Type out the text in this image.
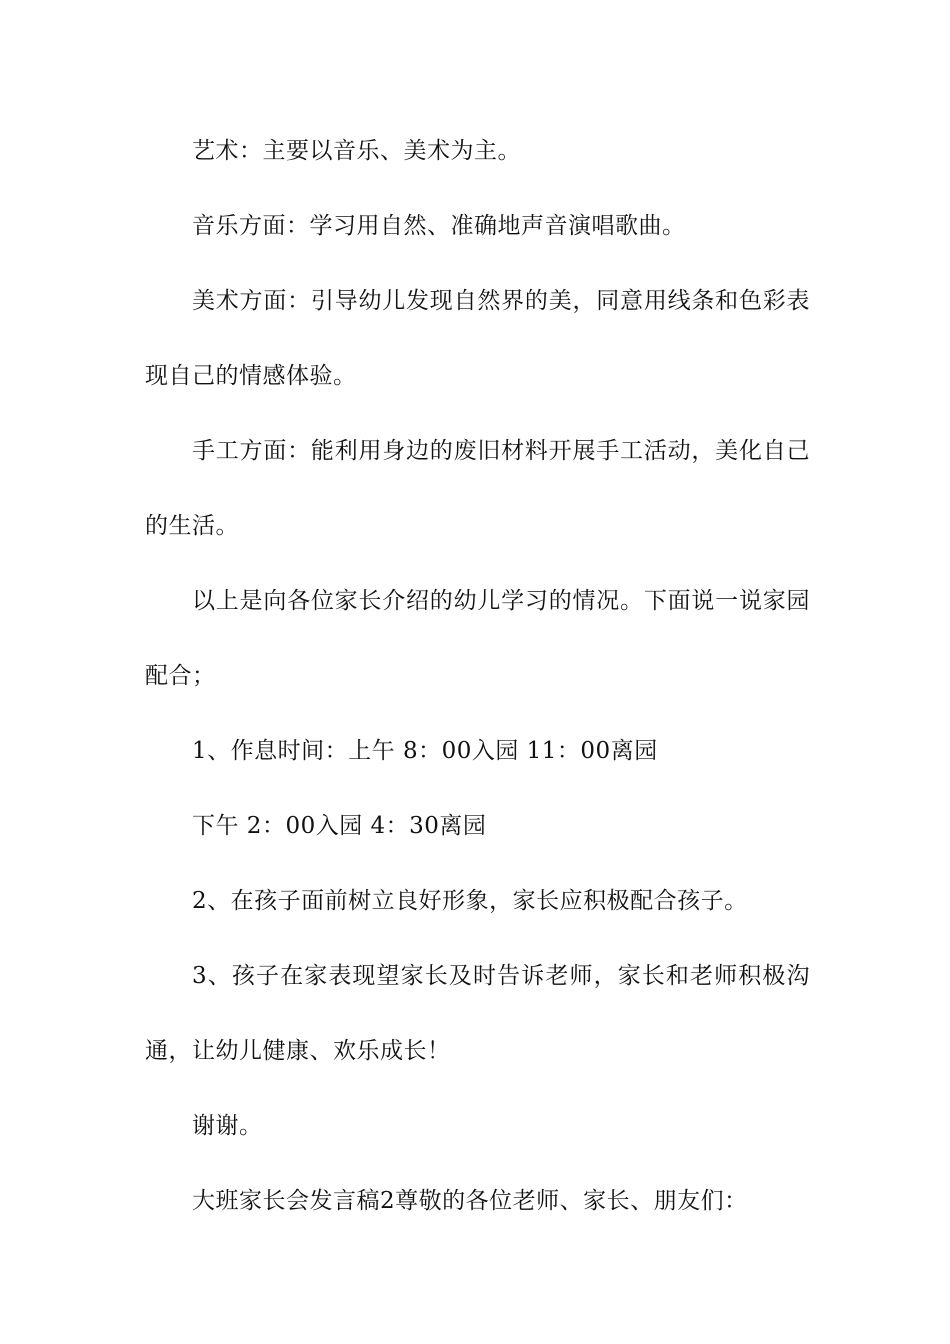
艺术：主要以音乐、美术为主。

音乐方面：学习用自然、准确地声音演唱歌曲。

美术方面：引导幼儿发现自然界的美，同意用线条和色彩表现自己的情感体验。

手工方面：能利用身边的废旧材料开展手工活动，美化自己的生活。

以上是向各位家长介绍的幼儿学习的情况。下面说一说家园配合；

1、作息时间：上午 8：00入园 11：00离园

下午 2：00入园 4：30离园

2、在孩子面前树立良好形象，家长应积极配合孩子。

3、孩子在家表现望家长及时告诉老师，家长和老师积极沟通，让幼儿健康、欢乐成长！

谢谢。

大班家长会发言稿2尊敬的各位老师、家长、朋友们：
